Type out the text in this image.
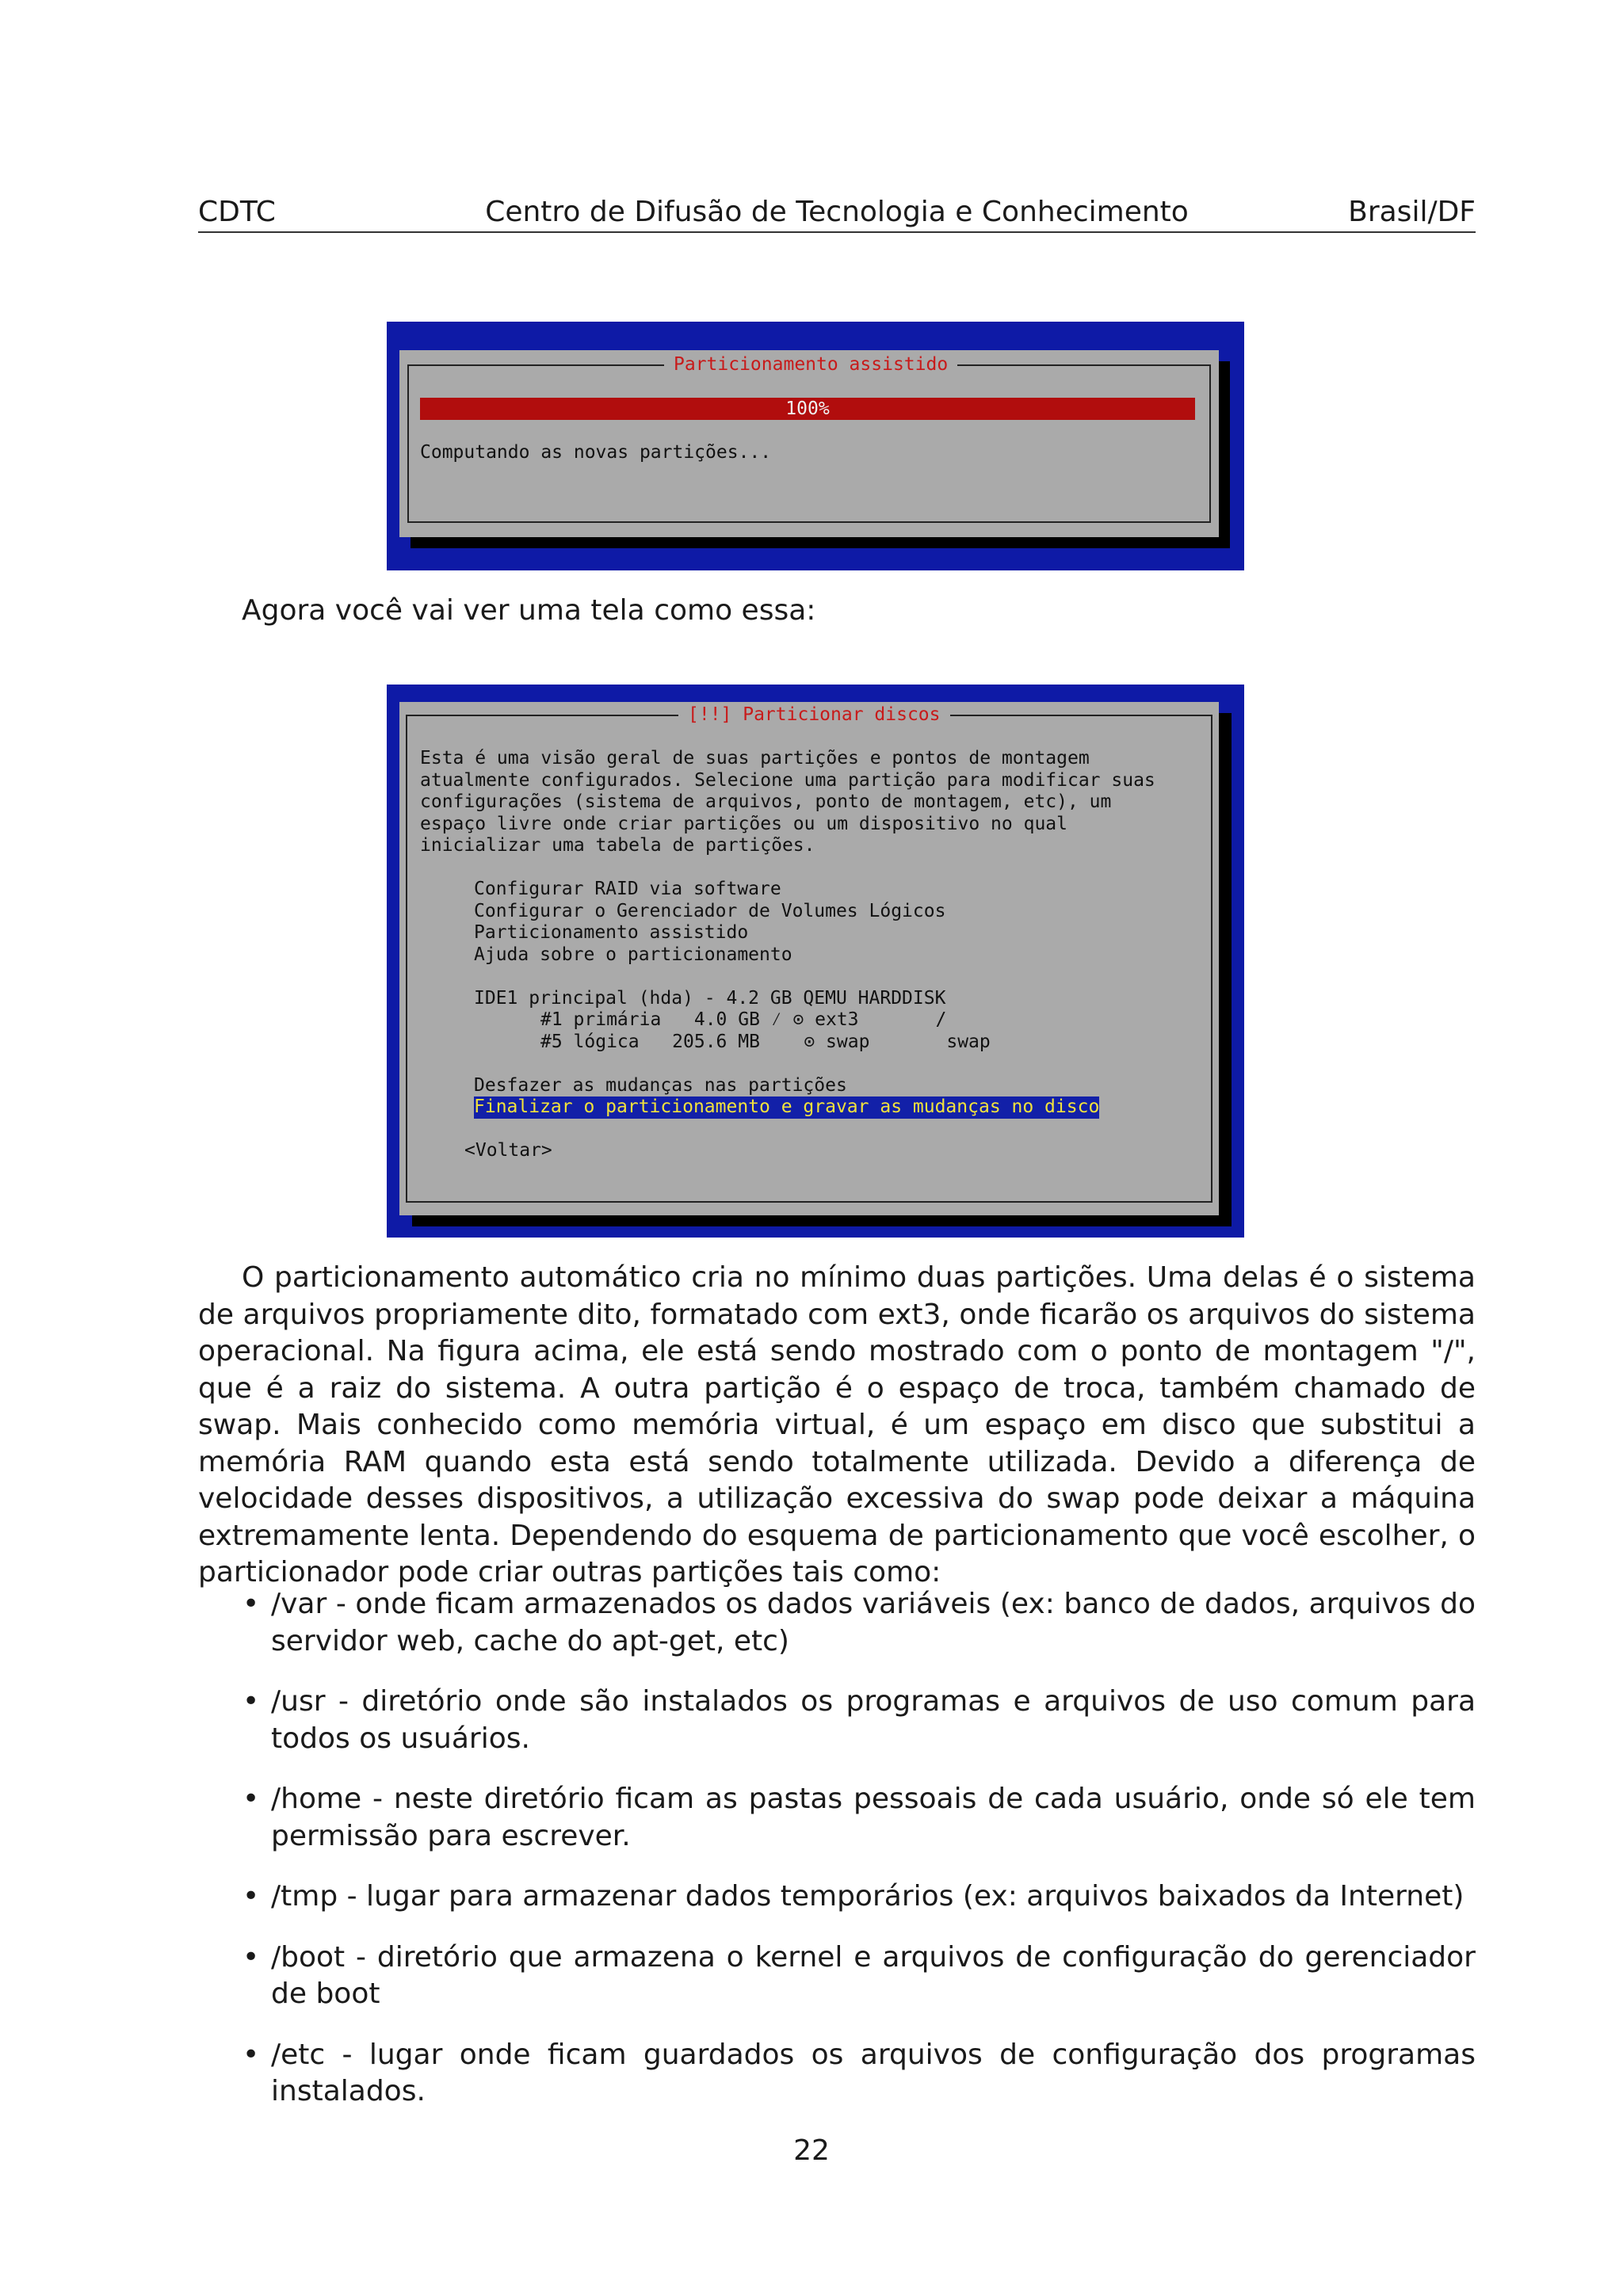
CDTC	Centro de Difusão de Tecnologia e Conhecimento	Brasil/DF
Particionamento assistido
100%
Computando as novas partições...
Agora você vai ver uma tela como essa:
[!!] Particionar discos
Esta é uma visão geral de suas partições e pontos de montagem
atualmente configurados. Selecione uma partição para modificar suas
configurações (sistema de arquivos, ponto de montagem, etc), um
espaço livre onde criar partições ou um dispositivo no qual
inicializar uma tabela de partições.
Configurar RAID via software
Configurar o Gerenciador de Volumes Lógicos
Particionamento assistido
Ajuda sobre o particionamento
IDE1 principal (hda) - 4.2 GB QEMU HARDDISK
#1 primária   4.0 GB ⁄ ⊙ ext3       /
#5 lógica   205.6 MB    ⊙ swap       swap
Desfazer as mudanças nas partições
Finalizar o particionamento e gravar as mudanças no disco
<Voltar>
O particionamento automático cria no mínimo duas partições. Uma delas é o sistema de arquivos propriamente dito, formatado com ext3, onde ficarão os arquivos do sistema operacional. Na figura acima, ele está sendo mostrado com o ponto de montagem "/", que é a raiz do sistema. A outra partição é o espaço de troca, também chamado de swap. Mais conhecido como memória virtual, é um espaço em disco que substitui a memória RAM quando esta está sendo totalmente utilizada. Devido a diferença de velocidade desses dispositivos, a utilização excessiva do swap pode deixar a máquina extremamente lenta. Dependendo do esquema de particionamento que você escolher, o particionador pode criar outras partições tais como:
• /var - onde ficam armazenados os dados variáveis (ex: banco de dados, arquivos do servidor web, cache do apt-get, etc)
• /usr - diretório onde são instalados os programas e arquivos de uso comum para todos os usuários.
• /home - neste diretório ficam as pastas pessoais de cada usuário, onde só ele tem permissão para escrever.
• /tmp - lugar para armazenar dados temporários (ex: arquivos baixados da Internet)
• /boot - diretório que armazena o kernel e arquivos de configuração do gerenciador de boot
• /etc - lugar onde ficam guardados os arquivos de configuração dos programas instalados.
22
